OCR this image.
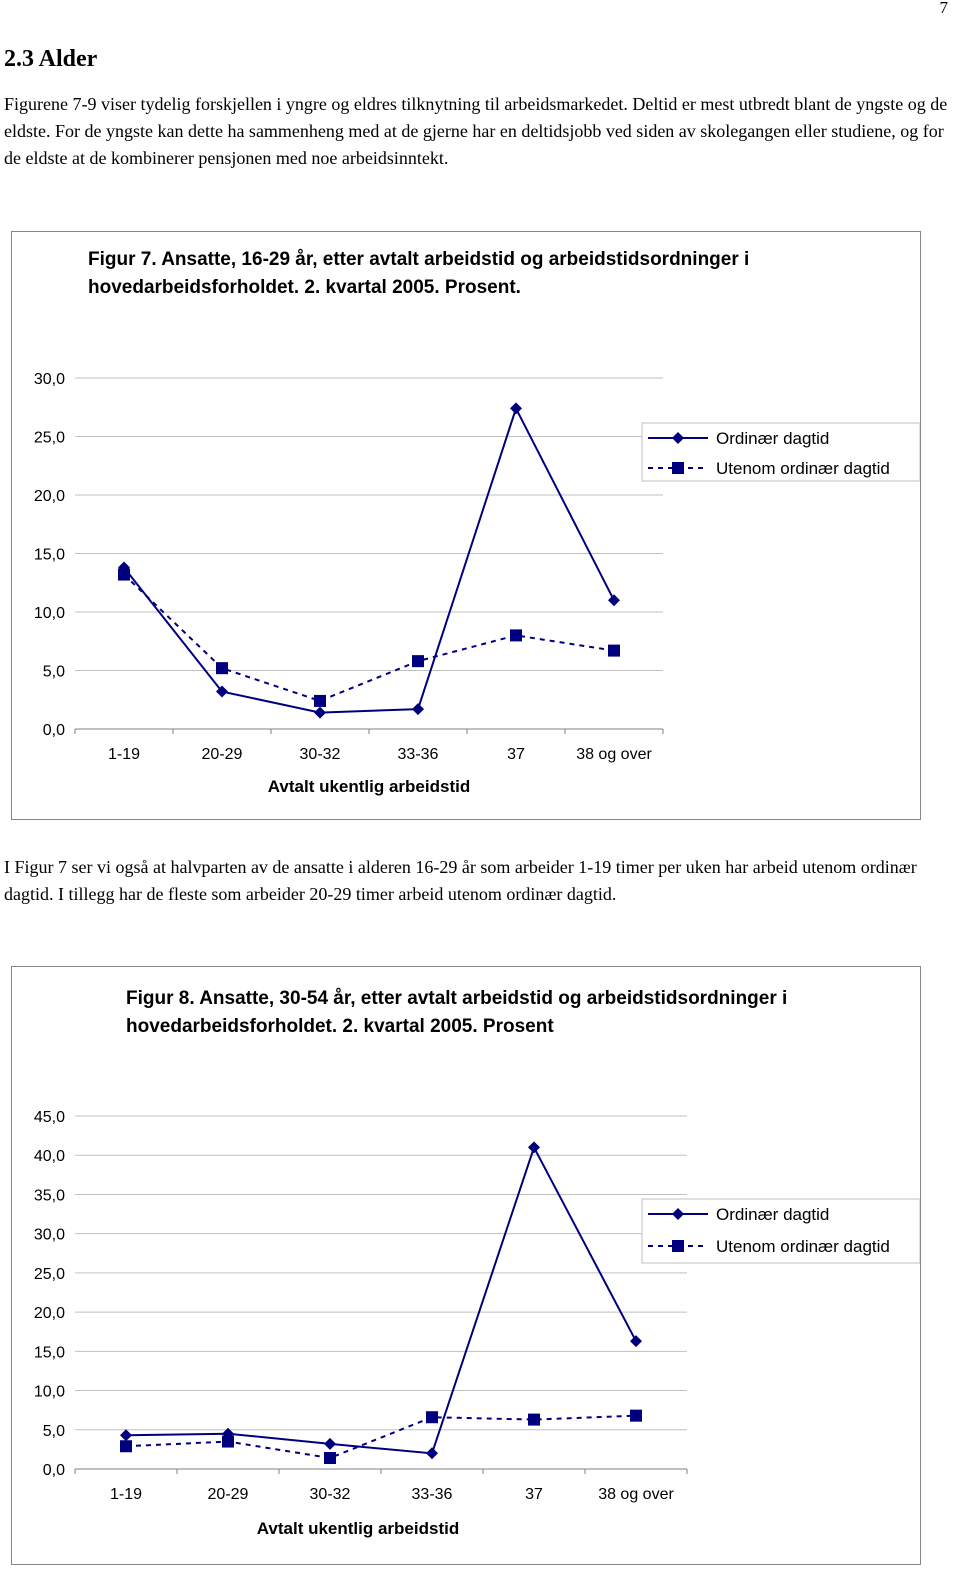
7
2.3 Alder

Figurene 7-9 viser tydelig forskjellen i yngre og eldres tilknytning til arbeidsmarkedet. Deltid er mest utbredt blant de yngste og de eldste. For de yngste kan dette ha sammenheng med at de gjerne har en deltidsjobb ved siden av skolegangen eller studiene, og for de eldste at de kombinerer pensjonen med noe arbeidsinntekt.

Figur 7. Ansatte, 16-29 år, etter avtalt arbeidstid og arbeidstidsordninger i hovedarbeidsforholdet. 2. kvartal 2005. Prosent.
0,0
5,0
10,0
15,0
20,0
25,0
30,0
1-19	20-29	30-32	33-36	37	38 og over
Avtalt ukentlig arbeidstid
Ordinær dagtid
Utenom ordinær dagtid

I Figur 7 ser vi også at halvparten av de ansatte i alderen 16-29 år som arbeider 1-19 timer per uken har arbeid utenom ordinær dagtid. I tillegg har de fleste som arbeider 20-29 timer arbeid utenom ordinær dagtid.

Figur 8. Ansatte, 30-54 år, etter avtalt arbeidstid og arbeidstidsordninger i hovedarbeidsforholdet. 2. kvartal 2005. Prosent
0,0
5,0
10,0
15,0
20,0
25,0
30,0
35,0
40,0
45,0
1-19	20-29	30-32	33-36	37	38 og over
Avtalt ukentlig arbeidstid
Ordinær dagtid
Utenom ordinær dagtid
